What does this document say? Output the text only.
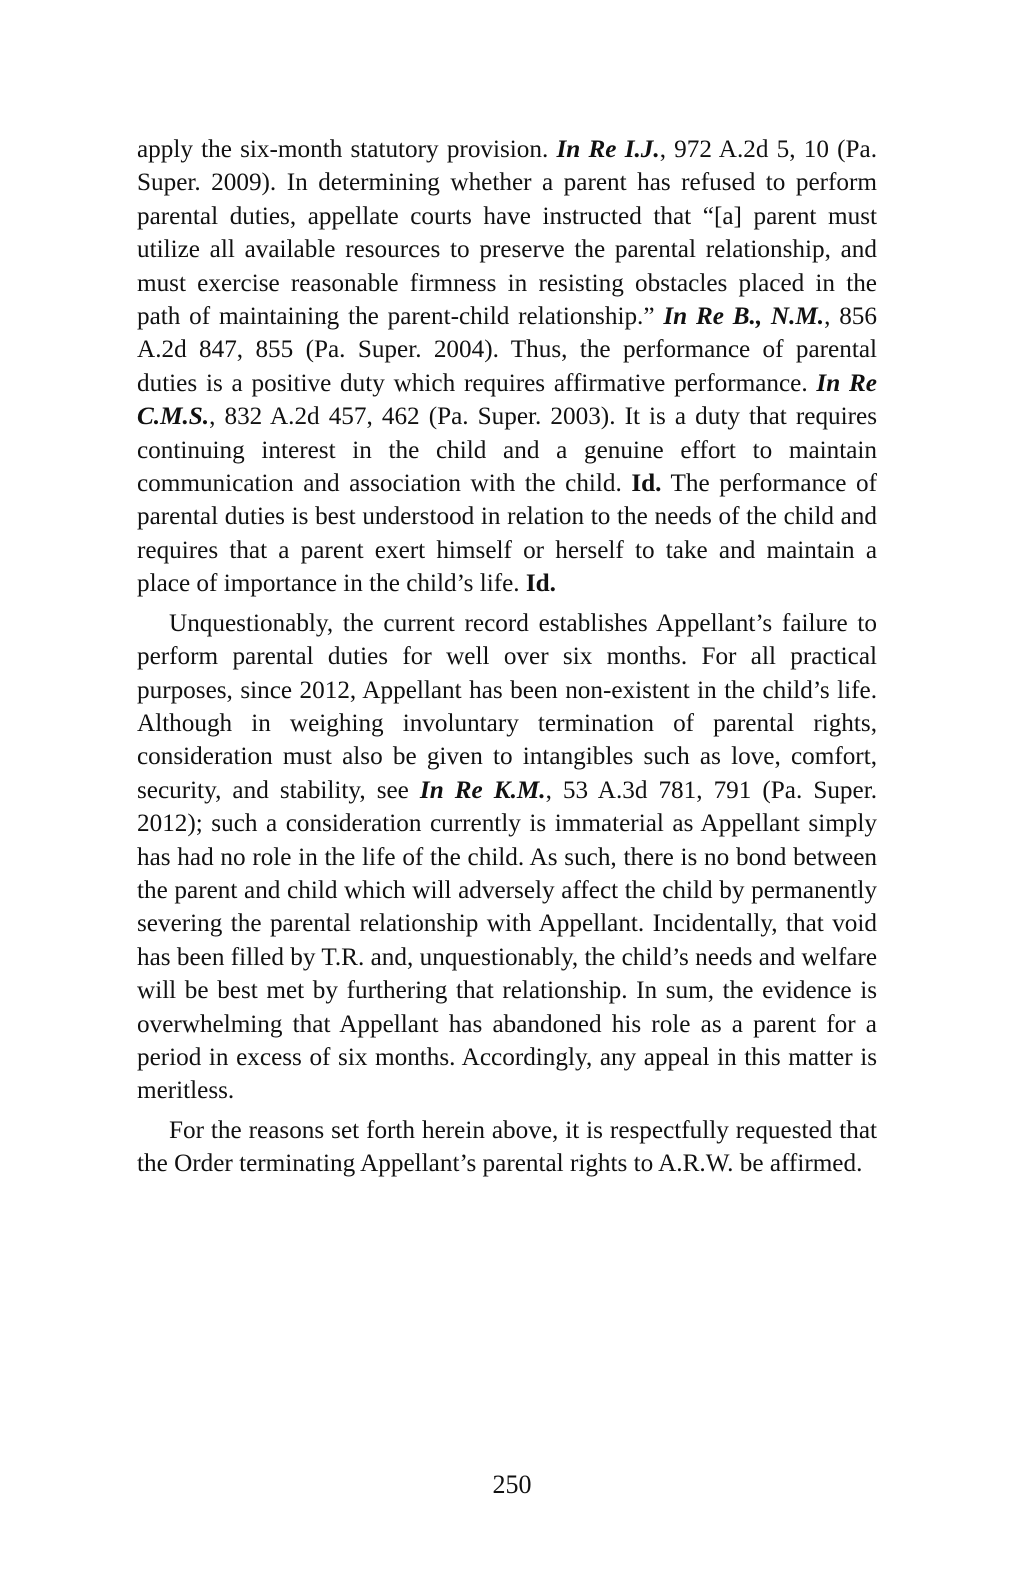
apply the six-month statutory provision. In Re I.J., 972 A.2d 5, 10 (Pa. Super. 2009). In determining whether a parent has refused to perform parental duties, appellate courts have instructed that “[a] parent must utilize all available resources to preserve the parental relationship, and must exercise reasonable firmness in resisting obstacles placed in the path of maintaining the parent-child relationship.” In Re B., N.M., 856 A.2d 847, 855 (Pa. Super. 2004). Thus, the performance of parental duties is a positive duty which requires affirmative performance. In Re C.M.S., 832 A.2d 457, 462 (Pa. Super. 2003). It is a duty that requires continuing interest in the child and a genuine effort to maintain communication and association with the child. Id. The performance of parental duties is best understood in relation to the needs of the child and requires that a parent exert himself or herself to take and maintain a place of importance in the child’s life. Id.

Unquestionably, the current record establishes Appellant’s failure to perform parental duties for well over six months. For all practical purposes, since 2012, Appellant has been non-existent in the child’s life. Although in weighing involuntary termination of parental rights, consideration must also be given to intangibles such as love, comfort, security, and stability, see In Re K.M., 53 A.3d 781, 791 (Pa. Super. 2012); such a consideration currently is immaterial as Appellant simply has had no role in the life of the child. As such, there is no bond between the parent and child which will adversely affect the child by permanently severing the parental relationship with Appellant. Incidentally, that void has been filled by T.R. and, unquestionably, the child’s needs and welfare will be best met by furthering that relationship. In sum, the evidence is overwhelming that Appellant has abandoned his role as a parent for a period in excess of six months. Accordingly, any appeal in this matter is meritless.

For the reasons set forth herein above, it is respectfully requested that the Order terminating Appellant’s parental rights to A.R.W. be affirmed.

250
